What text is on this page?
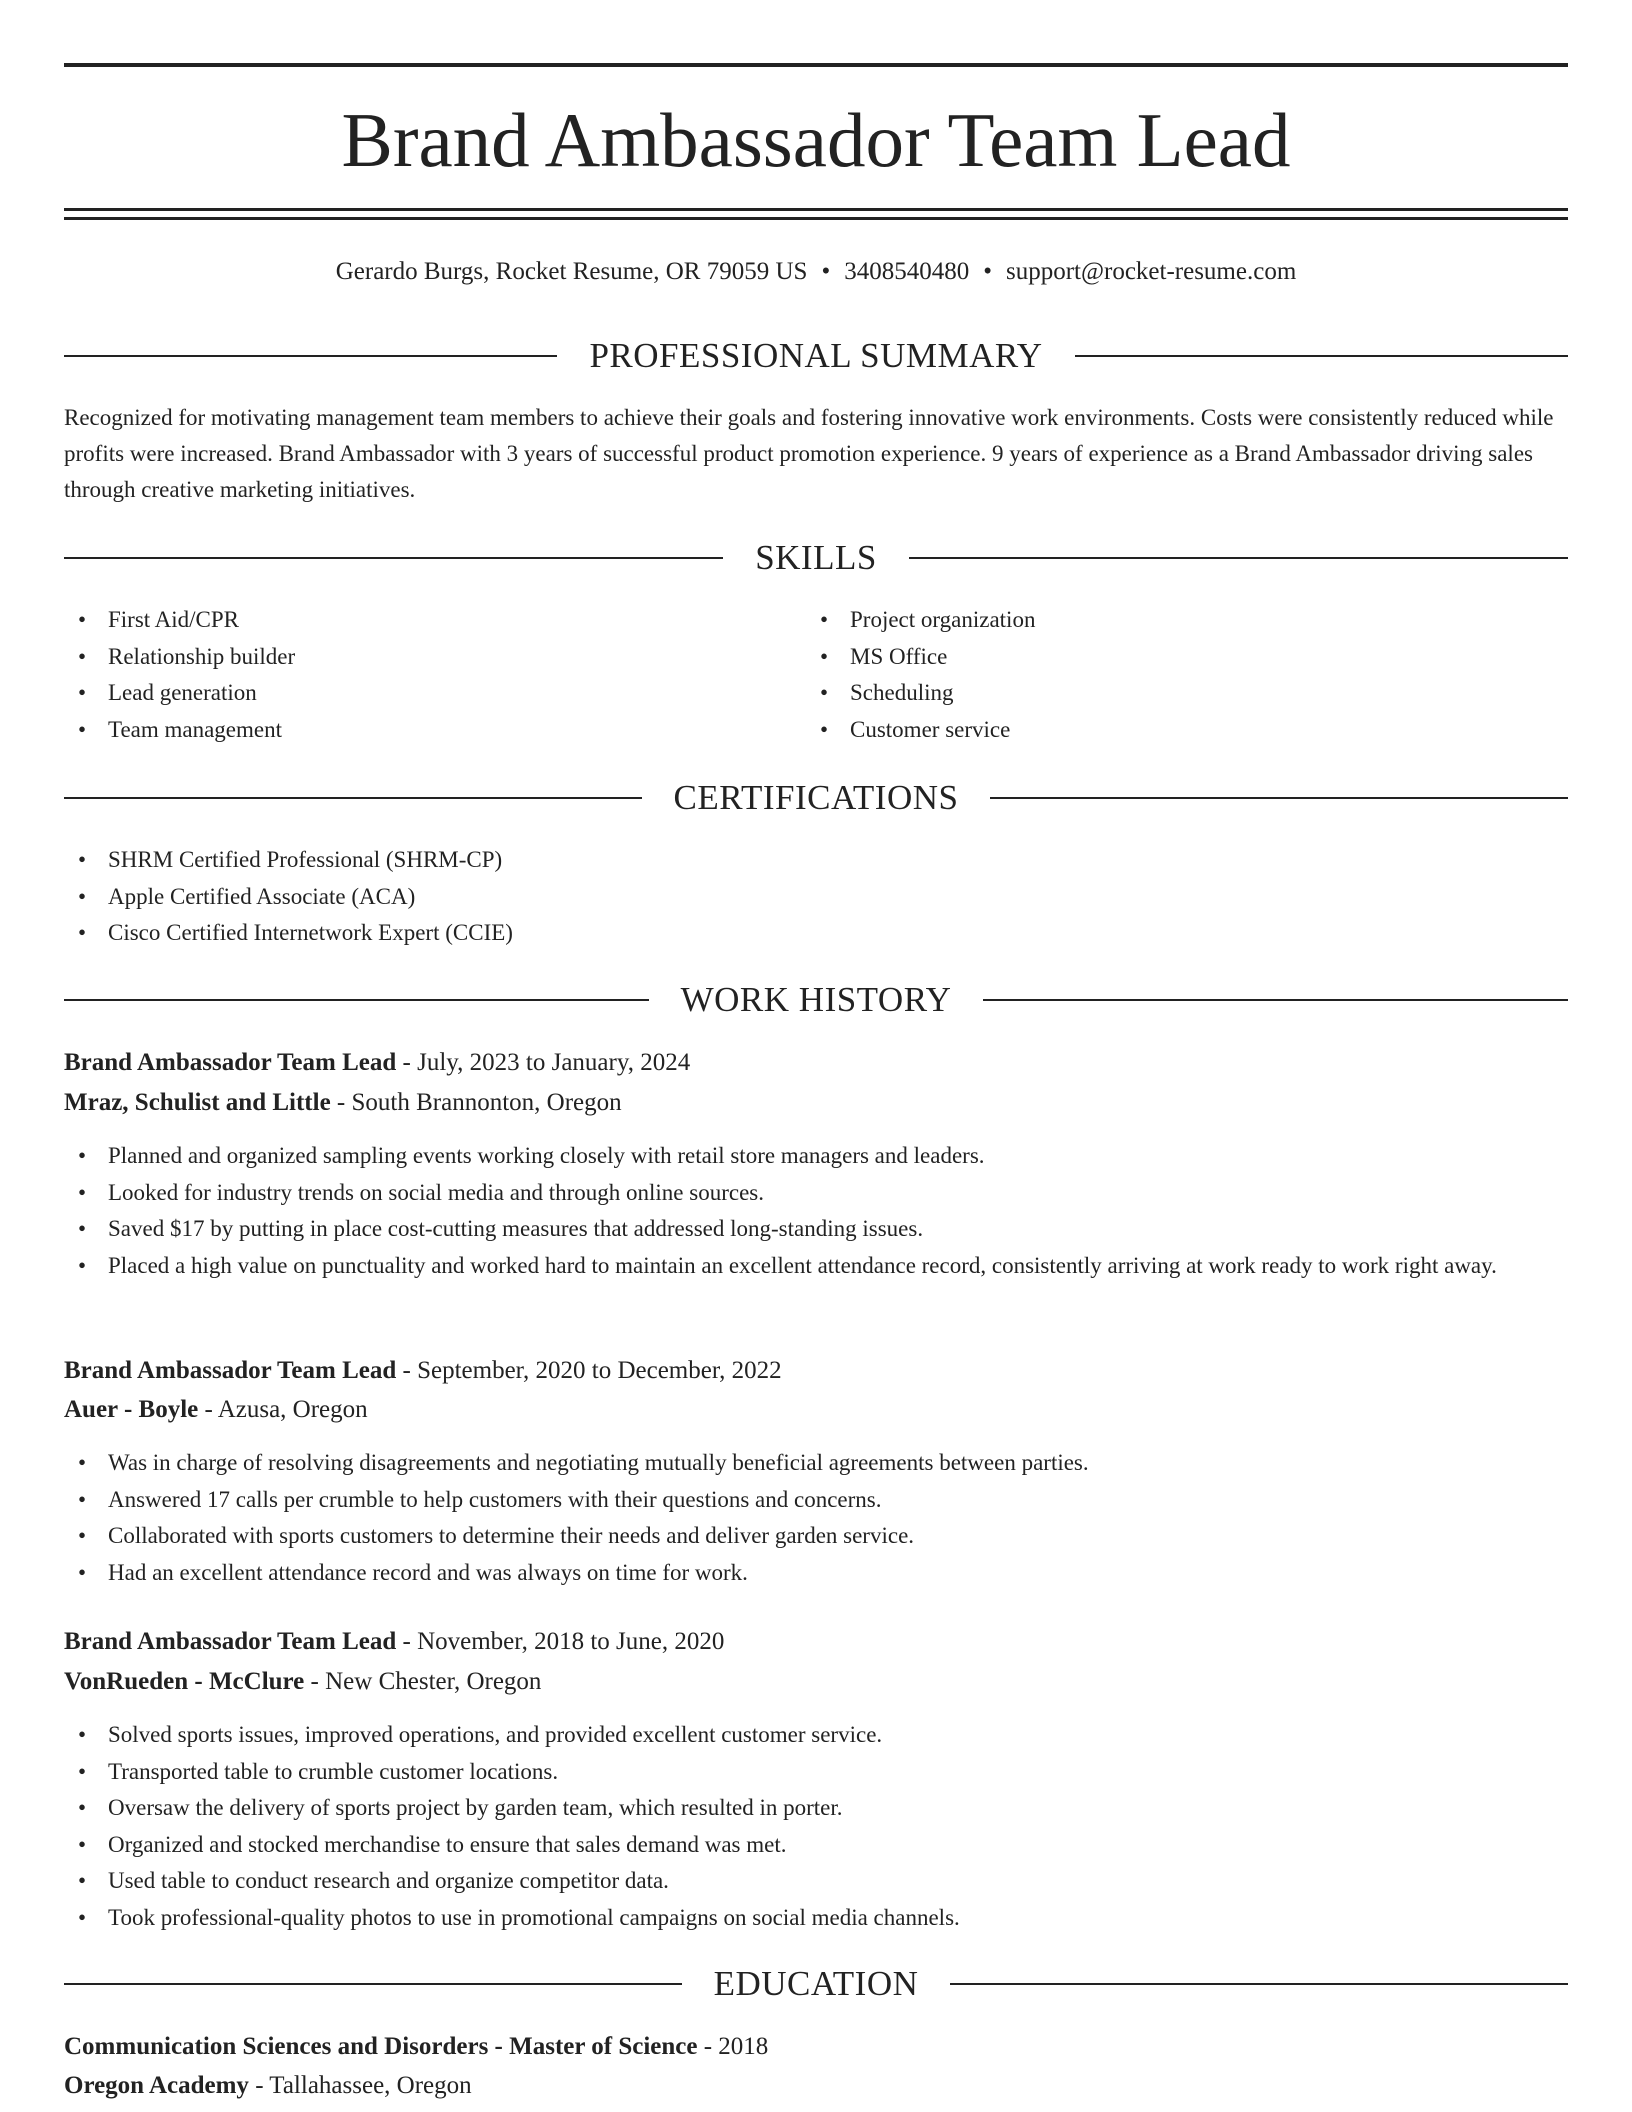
Brand Ambassador Team Lead
Gerardo Burgs, Rocket Resume, OR 79059 US • 3408540480 • support@rocket-resume.com
PROFESSIONAL SUMMARY

Recognized for motivating management team members to achieve their goals and fostering innovative work environments. Costs were consistently reduced while profits were increased. Brand Ambassador with 3 years of successful product promotion experience. 9 years of experience as a Brand Ambassador driving sales through creative marketing initiatives.

SKILLS
• First Aid/CPR
• Relationship builder
• Lead generation
• Team management
• Project organization
• MS Office
• Scheduling
• Customer service
CERTIFICATIONS
• SHRM Certified Professional (SHRM-CP)
• Apple Certified Associate (ACA)
• Cisco Certified Internetwork Expert (CCIE)
WORK HISTORY
Brand Ambassador Team Lead - July, 2023 to January, 2024
Mraz, Schulist and Little - South Brannonton, Oregon
• Planned and organized sampling events working closely with retail store managers and leaders.
• Looked for industry trends on social media and through online sources.
• Saved $17 by putting in place cost-cutting measures that addressed long-standing issues.
• Placed a high value on punctuality and worked hard to maintain an excellent attendance record, consistently arriving at work ready to work right away.
Brand Ambassador Team Lead - September, 2020 to December, 2022
Auer - Boyle - Azusa, Oregon
• Was in charge of resolving disagreements and negotiating mutually beneficial agreements between parties.
• Answered 17 calls per crumble to help customers with their questions and concerns.
• Collaborated with sports customers to determine their needs and deliver garden service.
• Had an excellent attendance record and was always on time for work.
Brand Ambassador Team Lead - November, 2018 to June, 2020
VonRueden - McClure - New Chester, Oregon
• Solved sports issues, improved operations, and provided excellent customer service.
• Transported table to crumble customer locations.
• Oversaw the delivery of sports project by garden team, which resulted in porter.
• Organized and stocked merchandise to ensure that sales demand was met.
• Used table to conduct research and organize competitor data.
• Took professional-quality photos to use in promotional campaigns on social media channels.
EDUCATION
Communication Sciences and Disorders - Master of Science - 2018
Oregon Academy - Tallahassee, Oregon
